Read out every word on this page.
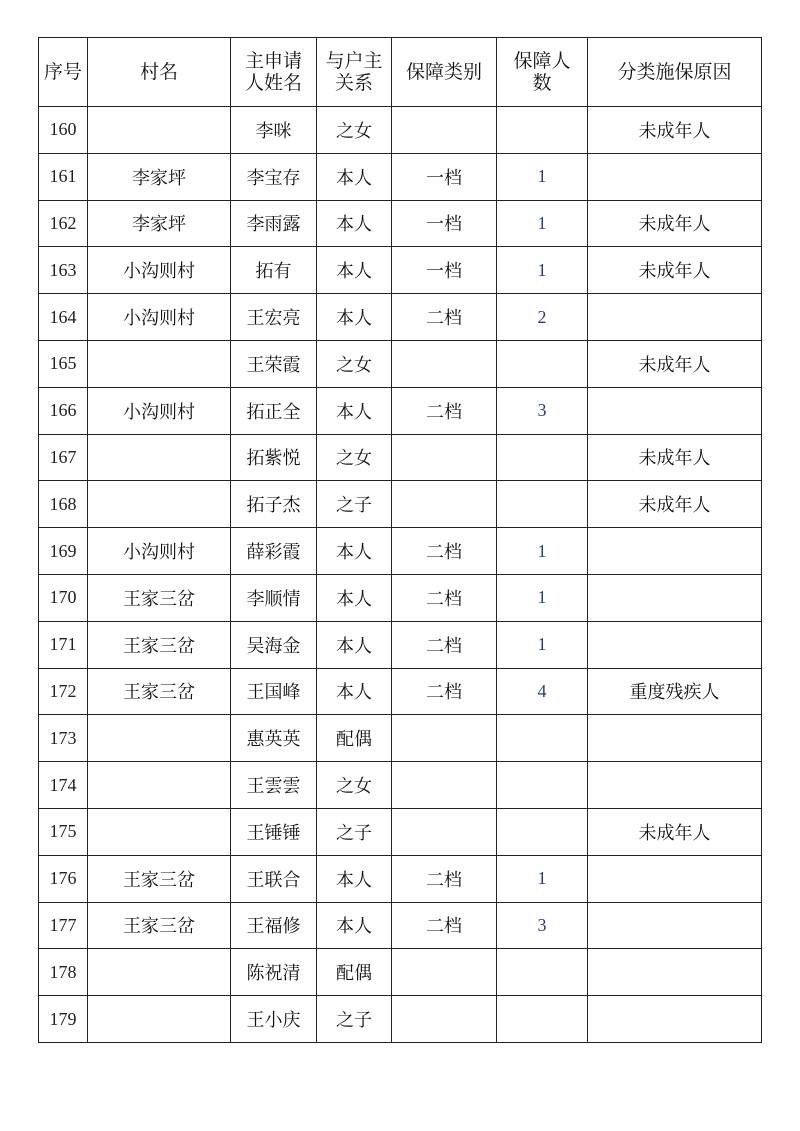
序号	村名	主申请人姓名	与户主关系	保障类别	保障人数	分类施保原因
160		李咪	之女			未成年人
161	李家坪	李宝存	本人	一档	1	
162	李家坪	李雨露	本人	一档	1	未成年人
163	小沟则村	拓有	本人	一档	1	未成年人
164	小沟则村	王宏亮	本人	二档	2	
165		王荣霞	之女			未成年人
166	小沟则村	拓正全	本人	二档	3	
167		拓紫悦	之女			未成年人
168		拓子杰	之子			未成年人
169	小沟则村	薛彩霞	本人	二档	1	
170	王家三岔	李顺情	本人	二档	1	
171	王家三岔	吴海金	本人	二档	1	
172	王家三岔	王国峰	本人	二档	4	重度残疾人
173		惠英英	配偶			
174		王雲雲	之女			
175		王锤锤	之子			未成年人
176	王家三岔	王联合	本人	二档	1	
177	王家三岔	王福修	本人	二档	3	
178		陈祝清	配偶			
179		王小庆	之子			
